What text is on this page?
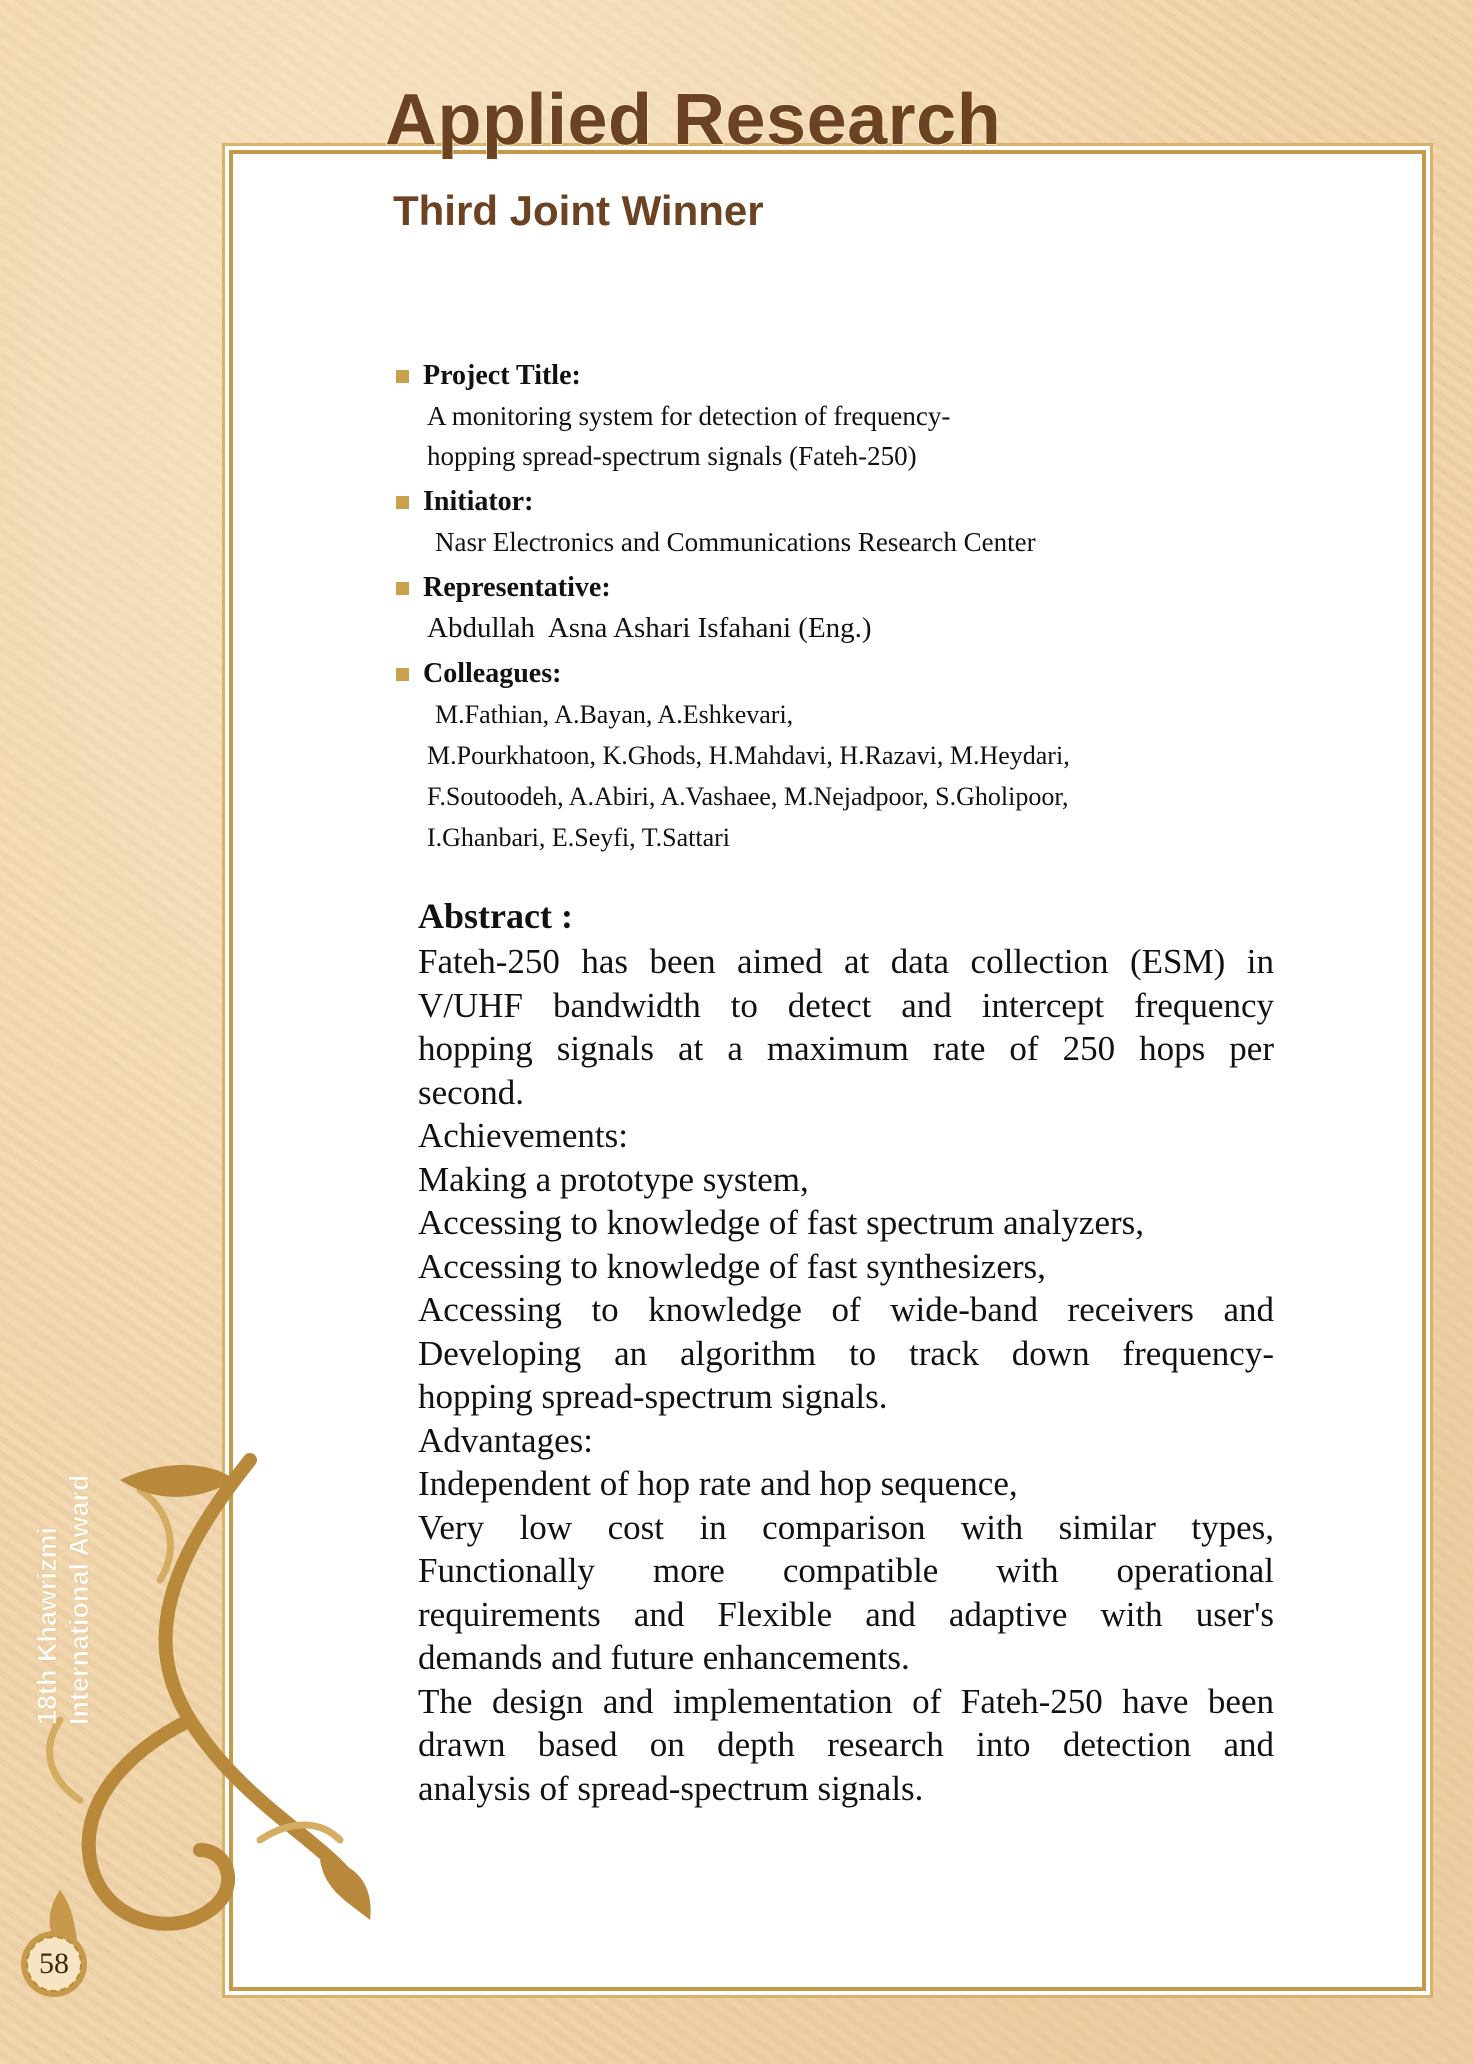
Applied Research
Third Joint Winner
Project Title:
A monitoring system for detection of frequency-
hopping spread-spectrum signals (Fateh-250)
Initiator:
Nasr Electronics and Communications Research Center
Representative:
Abdullah  Asna Ashari Isfahani (Eng.)
Colleagues:
M.Fathian, A.Bayan, A.Eshkevari,
M.Pourkhatoon, K.Ghods, H.Mahdavi, H.Razavi, M.Heydari,
F.Soutoodeh, A.Abiri, A.Vashaee, M.Nejadpoor, S.Gholipoor,
I.Ghanbari, E.Seyfi, T.Sattari
Abstract :
Fateh-250 has been aimed at data collection (ESM) in
V/UHF bandwidth to detect and intercept frequency
hopping signals at a maximum rate of 250 hops per
second.
Achievements:
Making a prototype system,
Accessing to knowledge of fast spectrum analyzers,
Accessing to knowledge of fast synthesizers,
Accessing to knowledge of wide-band receivers and
Developing an algorithm to track down frequency-
hopping spread-spectrum signals.
Advantages:
Independent of hop rate and hop sequence,
Very low cost in comparison with similar types,
Functionally more compatible with operational
requirements and Flexible and adaptive with user's
demands and future enhancements.
The design and implementation of Fateh-250 have been
drawn based on depth research into detection and
analysis of spread-spectrum signals.
18th Khawrizmi International Award
58
